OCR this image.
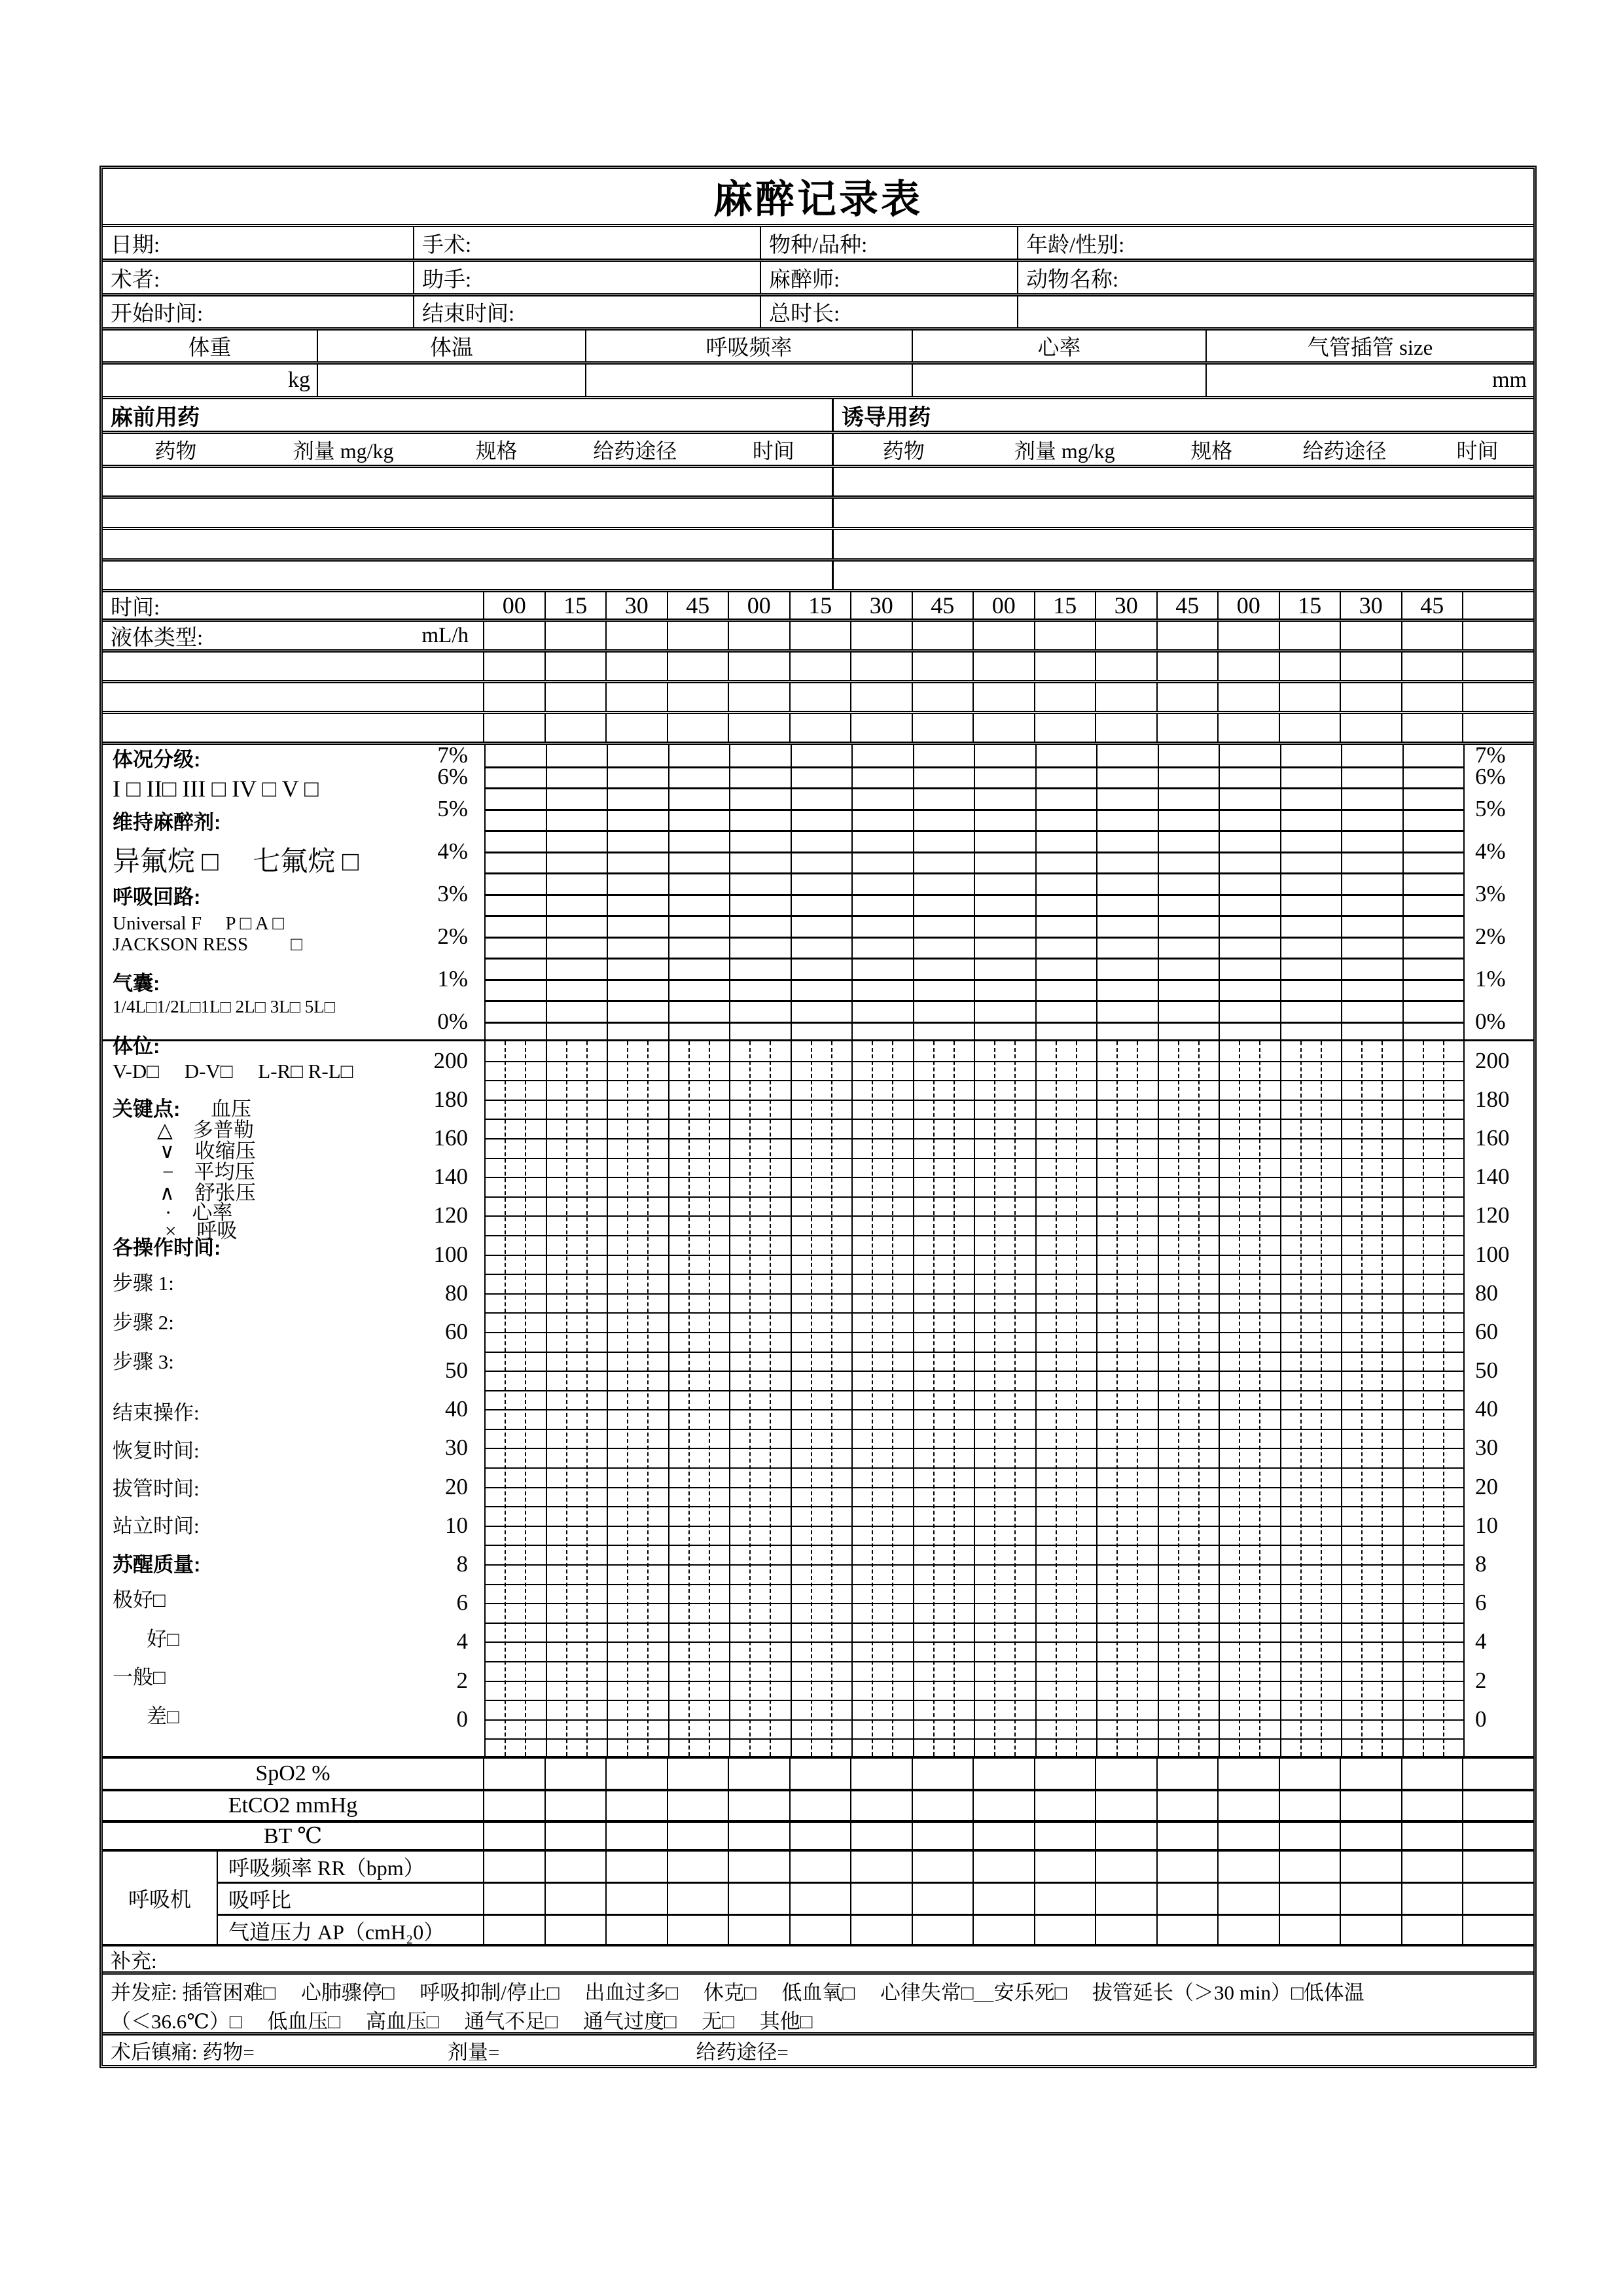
麻醉记录表
日期:	手术:	物种/品种:	年龄/性别:
术者:	助手:	麻醉师:	动物名称:
开始时间:	结束时间:	总时长:
体重	体温	呼吸频率	心率	气管插管 size
kg	mm
麻前用药	诱导用药
药物	剂量 mg/kg	规格	给药途径	时间	药物	剂量 mg/kg	规格	给药途径	时间
时间:	00	15	30	45	00	15	30	45	00	15	30	45	00	15	30	45
液体类型:	mL/h
7%
6%
5%
4%
3%
2%
1%
0%
7%
6%
5%
4%
3%
2%
1%
0%
200
180
160
140
120
100
80
60
50
40
30
20
10
8
6
4
2
0
200
180
160
140
120
100
80
60
50
40
30
20
10
8
6
4
2
0
体况分级:
I □ II□ III □ IV □ V □
维持麻醉剂:
异氟烷 □　 七氟烷 □
呼吸回路:
Universal F　 P □ A □
JACKSON RESS　　 □
气囊:
1/4L□1/2L□1L□ 2L□ 3L□ 5L□
体位:
V-D□　 D-V□　 L-R□ R-L□
关键点: 血压
△　多普勒
∨　收缩压
−　平均压
∧　舒张压
·　心率
×　呼吸
各操作时间:
步骤 1:
步骤 2:
步骤 3:
结束操作:
恢复时间:
拔管时间:
站立时间:
苏醒质量:
极好□
好□
一般□
差□
SpO2 %
EtCO2 mmHg
BT ℃
呼吸机
呼吸频率 RR（bpm）
吸呼比
气道压力 AP（cmH₂0）
补充:
并发症: 插管困难□　 心肺骤停□　 呼吸抑制/停止□　 出血过多□　 休克□　 低血氧□　 心律失常□＿安乐死□　 拔管延长（＞30 min）□低体温
（＜36.6℃）□　 低血压□　 高血压□　 通气不足□　 通气过度□　 无□　 其他□
术后镇痛: 药物=	剂量=	给药途径=
